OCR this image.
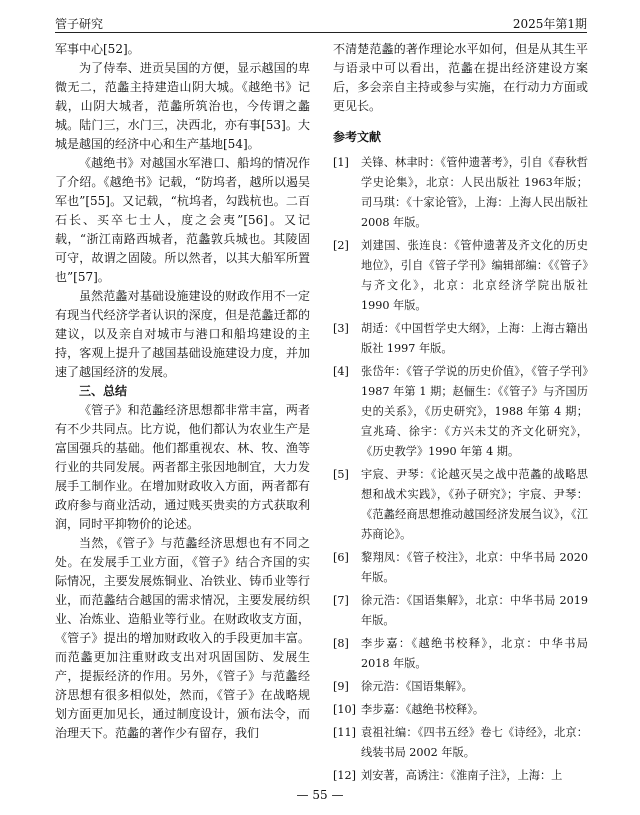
管子研究	2025年第1期

军事中心[52]。

为了侍奉、进贡吴国的方便，显示越国的卑微无二，范蠡主持建造山阴大城。《越绝书》记载，山阴大城者，范蠡所筑治也，今传谓之蠡城。陆门三，水门三，决西北，亦有事[53]。大城是越国的经济中心和生产基地[54]。

《越绝书》对越国水军港口、船坞的情况作了介绍。《越绝书》记载，“防坞者，越所以遏吴军也”[55]。又记载，“杭坞者，勾践杭也。二百石长、买卒七士人，度之会夷”[56]。又记载，“浙江南路西城者，范蠡敦兵城也。其陵固可守，故谓之固陵。所以然者，以其大船军所置也”[57]。

虽然范蠡对基础设施建设的财政作用不一定有现当代经济学者认识的深度，但是范蠡迁都的建议，以及亲自对城市与港口和船坞建设的主持，客观上提升了越国基础设施建设力度，并加速了越国经济的发展。

三、总结

《管子》和范蠡经济思想都非常丰富，两者有不少共同点。比方说，他们都认为农业生产是富国强兵的基础。他们都重视农、林、牧、渔等行业的共同发展。两者都主张因地制宜，大力发展手工制作业。在增加财政收入方面，两者都有政府参与商业活动，通过贱买贵卖的方式获取利润，同时平抑物价的论述。

当然，《管子》与范蠡经济思想也有不同之处。在发展手工业方面，《管子》结合齐国的实际情况，主要发展炼铜业、冶铁业、铸币业等行业，而范蠡结合越国的需求情况，主要发展纺织业、冶炼业、造船业等行业。在财政收支方面，《管子》提出的增加财政收入的手段更加丰富。而范蠡更加注重财政支出对巩固国防、发展生产，提振经济的作用。另外，《管子》与范蠡经济思想有很多相似处，然而，《管子》在战略规划方面更加见长，通过制度设计，颁布法令，而治理天下。范蠡的著作少有留存，我们

不清楚范蠡的著作理论水平如何，但是从其生平与语录中可以看出，范蠡在提出经济建设方案后，多会亲自主持或参与实施，在行动力方面或更见长。

参考文献
[1]	关锋、林聿时：《管仲遗著考》，引自《春秋哲学史论集》，北京：人民出版社 1963年版；司马琪：《十家论管》，上海：上海人民出版社 2008 年版。
[2]	刘建国、张连良：《管仲遗著及齐文化的历史地位》，引自《管子学刊》编辑部编：《《管子》与齐文化》，北京：北京经济学院出版社 1990 年版。
[3]	胡适：《中国哲学史大纲》，上海：上海古籍出版社 1997 年版。
[4]	张岱年：《管子学说的历史价值》，《管子学刊》1987 年第 1 期；赵俪生：《《管子》与齐国历史的关系》，《历史研究》，1988 年第 4 期；宣兆琦、徐宇：《方兴未艾的齐文化研究》，《历史教学》1990 年第 4 期。
[5]	宇宸、尹琴：《论越灭吴之战中范蠡的战略思想和战术实践》，《孙子研究》；宇宸、尹琴：《范蠡经商思想推动越国经济发展刍议》，《江苏商论》。
[6]	黎翔凤：《管子校注》，北京：中华书局 2020 年版。
[7]	徐元浩：《国语集解》，北京：中华书局 2019 年版。
[8]	李步嘉：《越绝书校释》，北京：中华书局 2018 年版。
[9]	徐元浩：《国语集解》。
[10] 李步嘉：《越绝书校释》。
[11] 袁祖社编：《四书五经》卷七《诗经》，北京：线装书局 2002 年版。
[12] 刘安著，高诱注：《淮南子注》，上海：上
— 55 —
